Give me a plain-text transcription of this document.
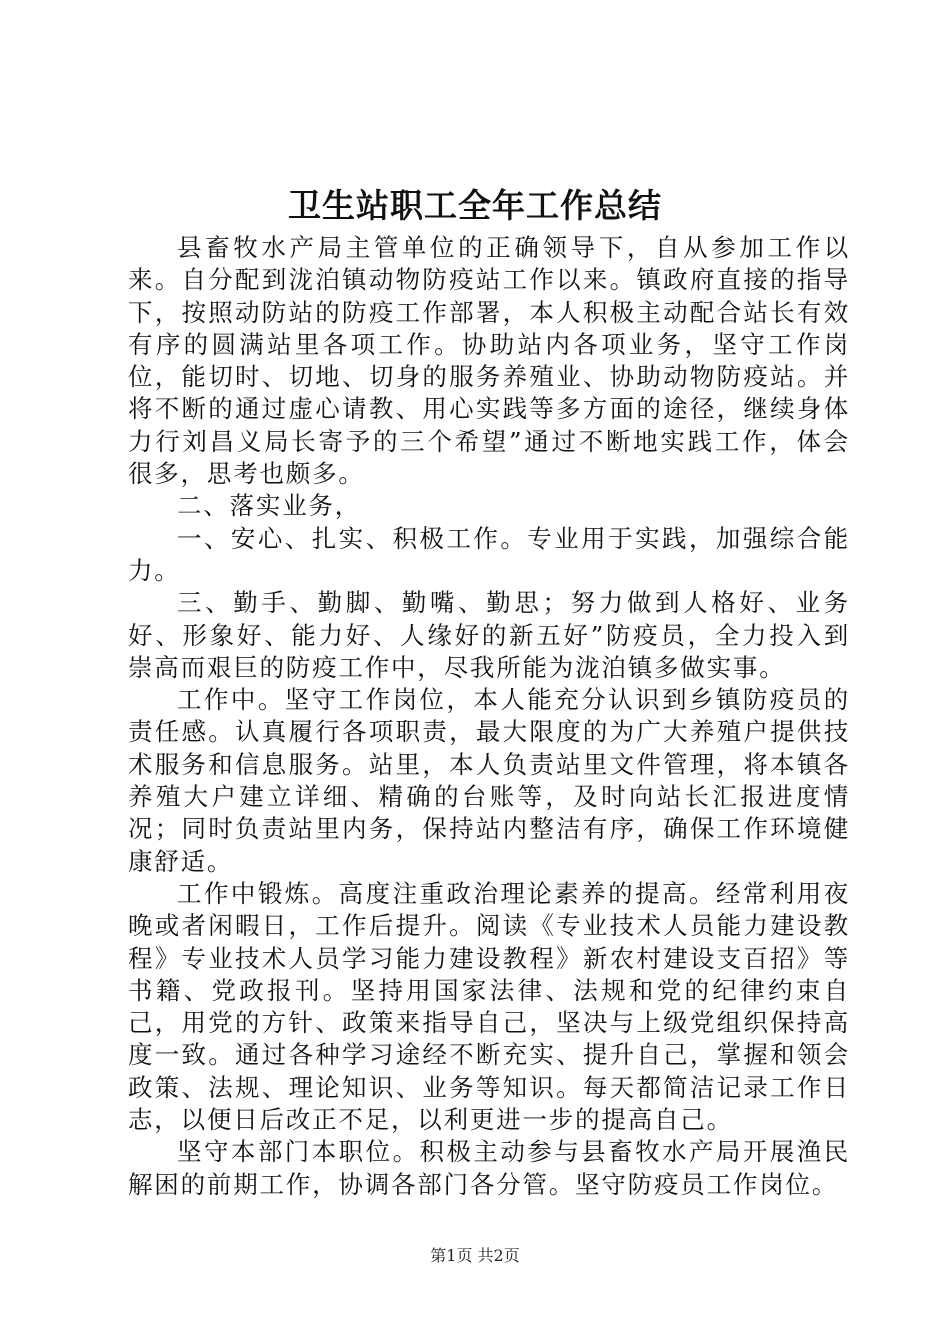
卫生站职工全年工作总结

县畜牧水产局主管单位的正确领导下，自从参加工作以来。自分配到泷泊镇动物防疫站工作以来。镇政府直接的指导下，按照动防站的防疫工作部署，本人积极主动配合站长有效有序的圆满站里各项工作。协助站内各项业务，坚守工作岗位，能切时、切地、切身的服务养殖业、协助动物防疫站。并将不断的通过虚心请教、用心实践等多方面的途径，继续身体力行刘昌义局长寄予的三个希望”通过不断地实践工作，体会很多，思考也颇多。

二、落实业务，

一、安心、扎实、积极工作。专业用于实践，加强综合能力。

三、勤手、勤脚、勤嘴、勤思；努力做到人格好、业务好、形象好、能力好、人缘好的新五好”防疫员，全力投入到崇高而艰巨的防疫工作中，尽我所能为泷泊镇多做实事。

工作中。坚守工作岗位，本人能充分认识到乡镇防疫员的责任感。认真履行各项职责，最大限度的为广大养殖户提供技术服务和信息服务。站里，本人负责站里文件管理，将本镇各养殖大户建立详细、精确的台账等，及时向站长汇报进度情况；同时负责站里内务，保持站内整洁有序，确保工作环境健康舒适。

工作中锻炼。高度注重政治理论素养的提高。经常利用夜晚或者闲暇日，工作后提升。阅读《专业技术人员能力建设教程》专业技术人员学习能力建设教程》新农村建设支百招》等书籍、党政报刊。坚持用国家法律、法规和党的纪律约束自己，用党的方针、政策来指导自己，坚决与上级党组织保持高度一致。通过各种学习途经不断充实、提升自己，掌握和领会政策、法规、理论知识、业务等知识。每天都简洁记录工作日志，以便日后改正不足，以利更进一步的提高自己。

坚守本部门本职位。积极主动参与县畜牧水产局开展渔民解困的前期工作，协调各部门各分管。坚守防疫员工作岗位。

第1页 共2页
